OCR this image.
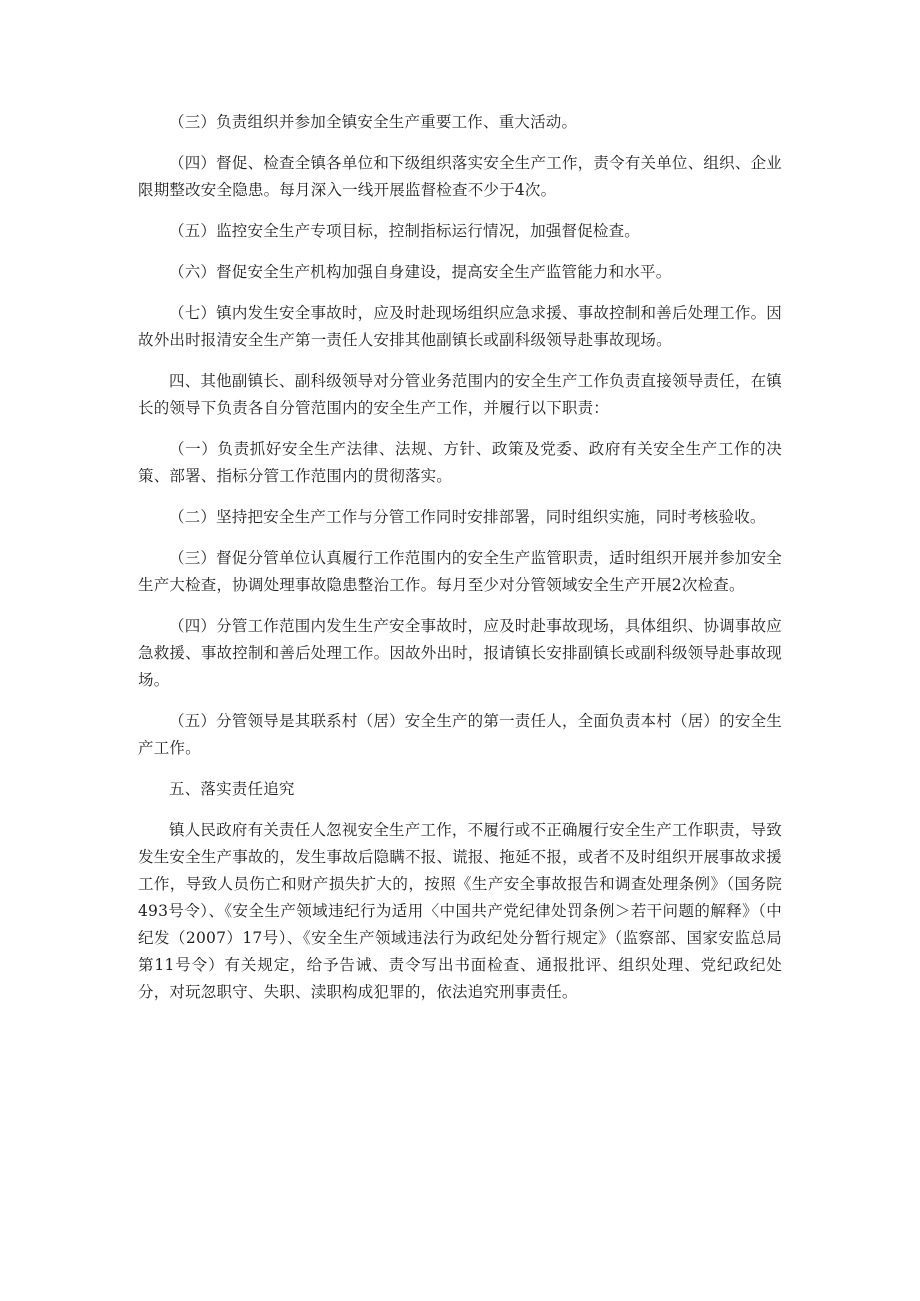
（三）负责组织并参加全镇安全生产重要工作、重大活动。

（四）督促、检查全镇各单位和下级组织落实安全生产工作，责令有关单位、组织、企业限期整改安全隐患。每月深入一线开展监督检查不少于4次。

（五）监控安全生产专项目标，控制指标运行情况，加强督促检查。

（六）督促安全生产机构加强自身建设，提高安全生产监管能力和水平。

（七）镇内发生安全事故时，应及时赴现场组织应急求援、事故控制和善后处理工作。因故外出时报清安全生产第一责任人安排其他副镇长或副科级领导赴事故现场。

四、其他副镇长、副科级领导对分管业务范围内的安全生产工作负责直接领导责任，在镇长的领导下负责各自分管范围内的安全生产工作，并履行以下职责：

（一）负责抓好安全生产法律、法规、方针、政策及党委、政府有关安全生产工作的决策、部署、指标分管工作范围内的贯彻落实。

（二）坚持把安全生产工作与分管工作同时安排部署，同时组织实施，同时考核验收。

（三）督促分管单位认真履行工作范围内的安全生产监管职责，适时组织开展并参加安全生产大检查，协调处理事故隐患整治工作。每月至少对分管领域安全生产开展2次检查。

（四）分管工作范围内发生生产安全事故时，应及时赴事故现场，具体组织、协调事故应急救援、事故控制和善后处理工作。因故外出时，报请镇长安排副镇长或副科级领导赴事故现场。

（五）分管领导是其联系村（居）安全生产的第一责任人，全面负责本村（居）的安全生产工作。

五、落实责任追究

镇人民政府有关责任人忽视安全生产工作，不履行或不正确履行安全生产工作职责，导致发生安全生产事故的，发生事故后隐瞒不报、谎报、拖延不报，或者不及时组织开展事故求援工作，导致人员伤亡和财产损失扩大的，按照《生产安全事故报告和调查处理条例》（国务院493号令）、《安全生产领域违纪行为适用〈中国共产党纪律处罚条例＞若干问题的解释》（中纪发（2007）17号）、《安全生产领域违法行为政纪处分暂行规定》（监察部、国家安监总局第11号令）有关规定，给予告诫、责令写出书面检查、通报批评、组织处理、党纪政纪处分，对玩忽职守、失职、渎职构成犯罪的，依法追究刑事责任。
